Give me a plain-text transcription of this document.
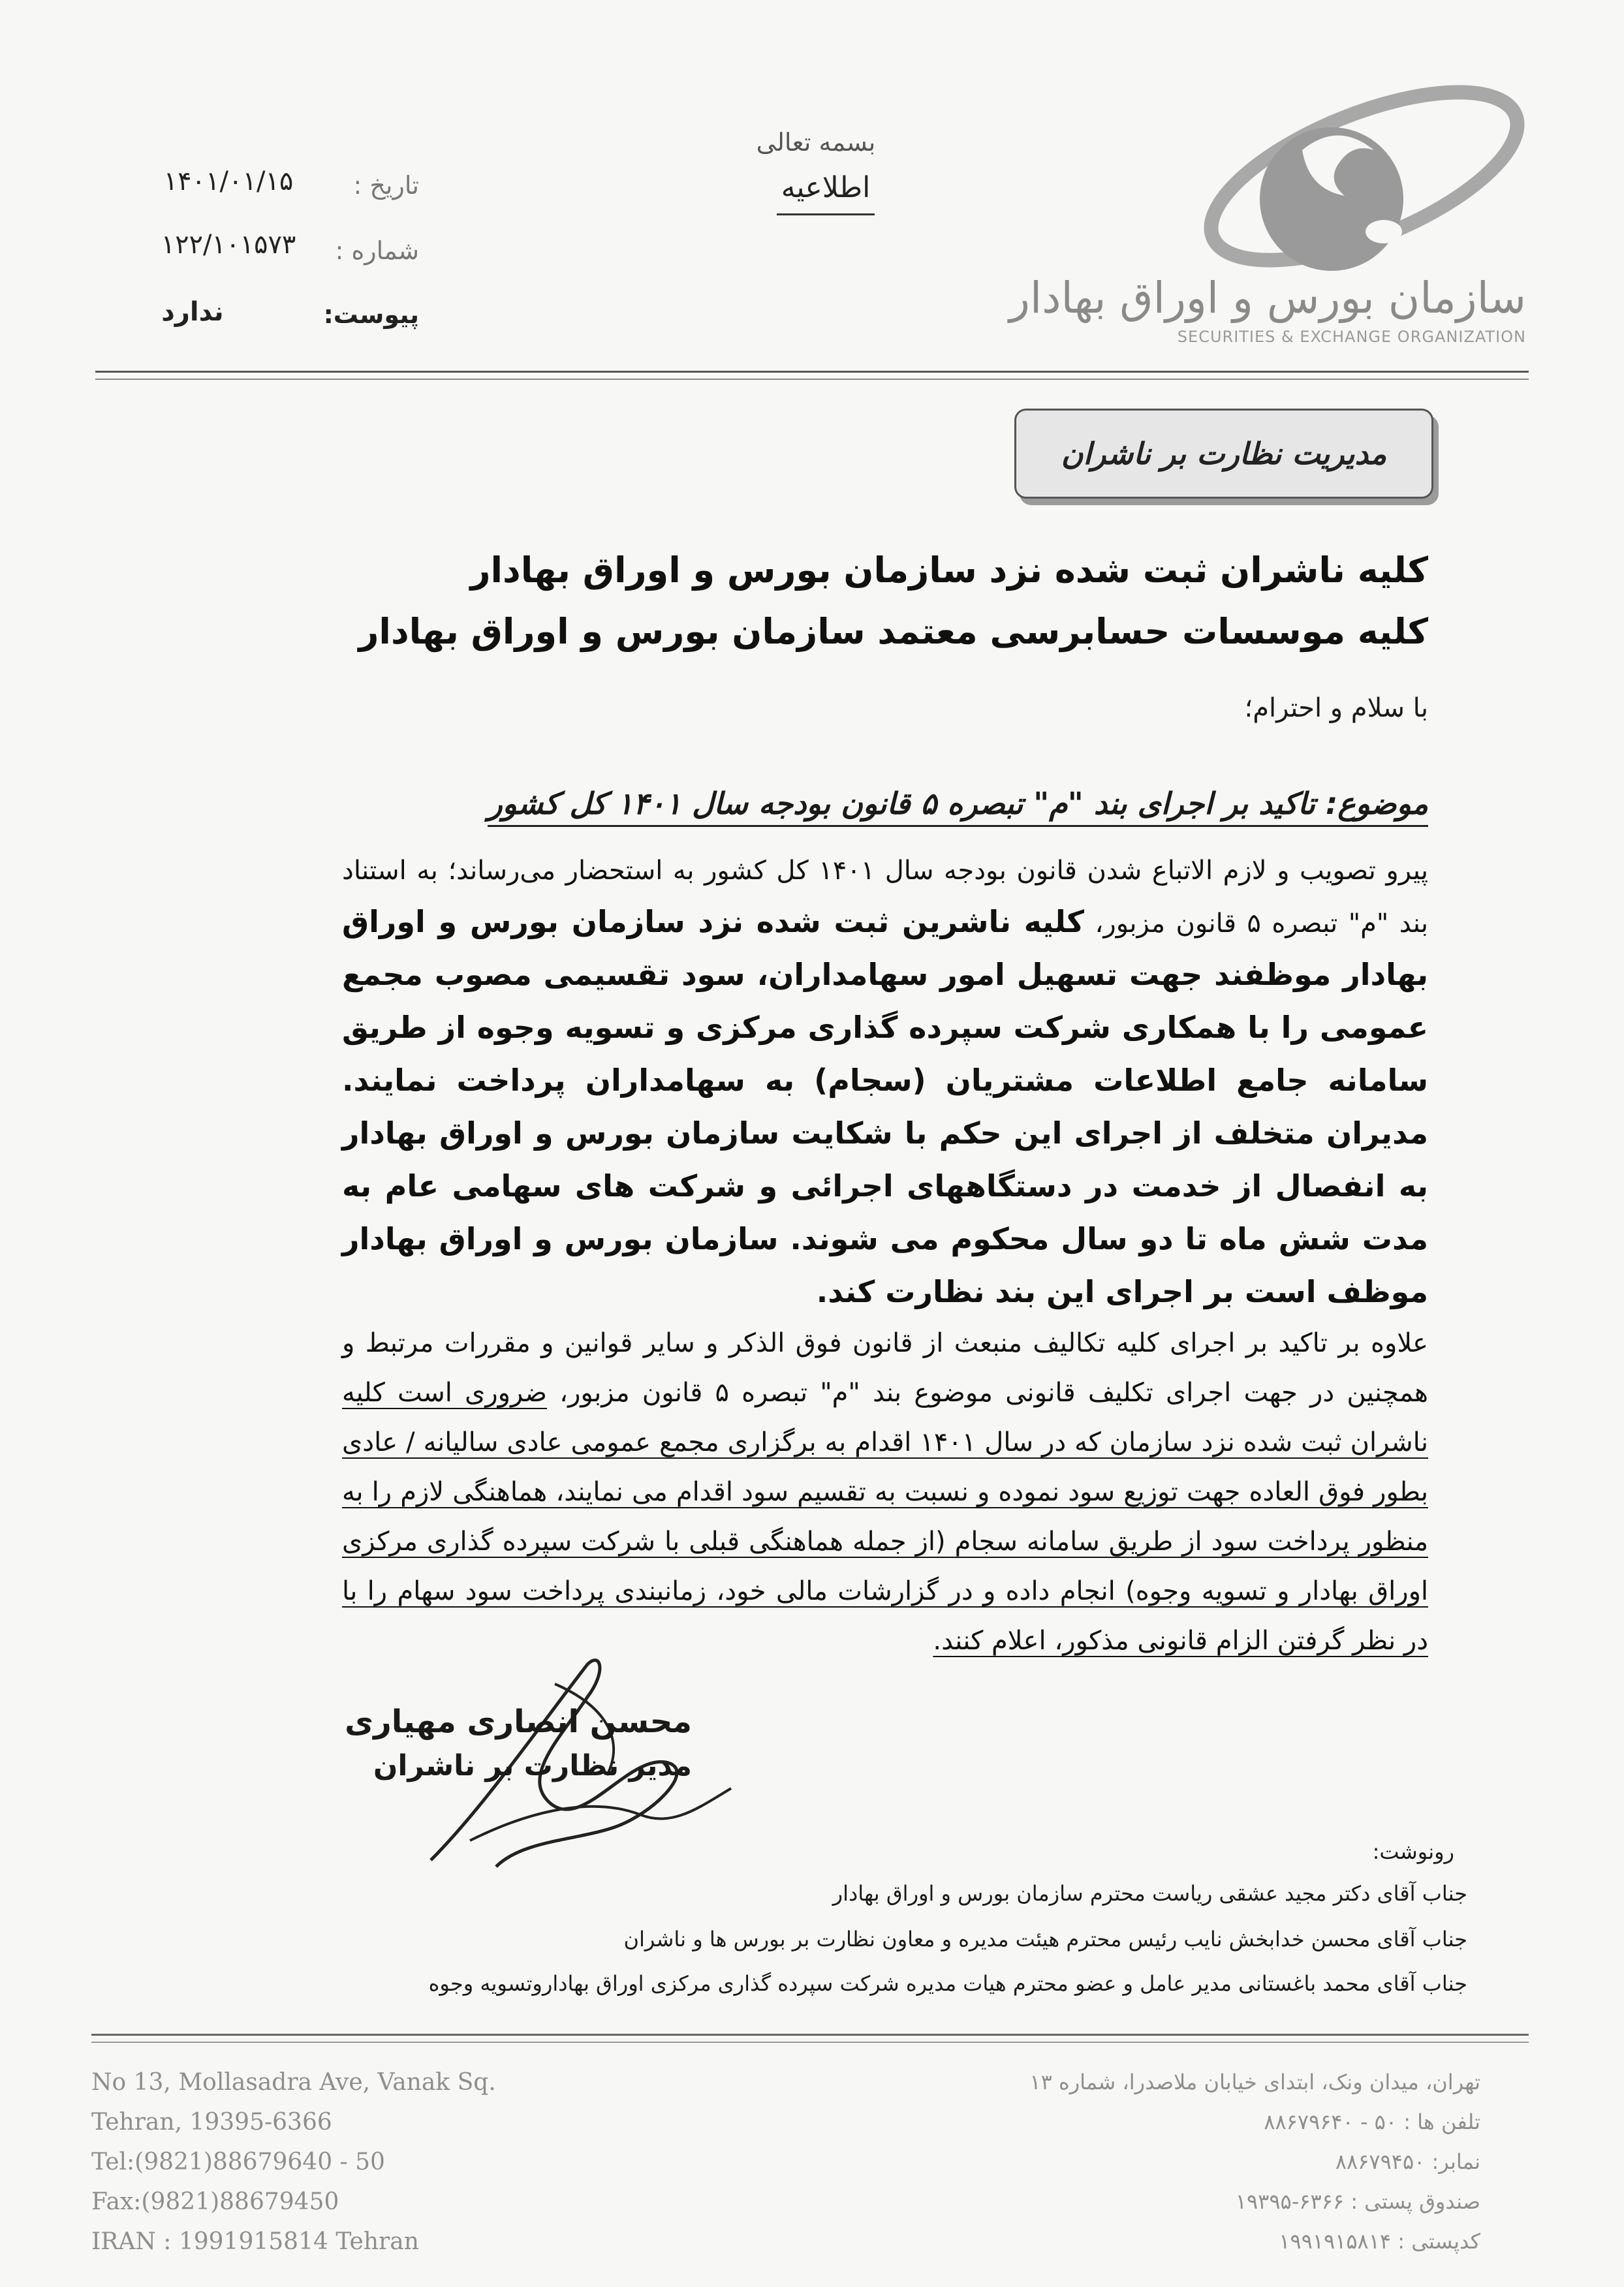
سازمان بورس و اوراق بهادار
SECURITIES & EXCHANGE ORGANIZATION
بسمه تعالی
اطلاعیه
تاریخ :
۱۴۰۱/۰۱/۱۵
شماره :
۱۲۲/۱۰۱۵۷۳
پیوست:
ندارد
مدیریت نظارت بر ناشران
کلیه ناشران ثبت شده نزد سازمان بورس و اوراق بهادار
کلیه موسسات حسابرسی معتمد سازمان بورس و اوراق بهادار
با سلام و احترام؛
موضوع: تاکید بر اجرای بند "م" تبصره ۵ قانون بودجه سال ۱۴۰۱ کل کشور

پیرو تصویب و لازم الاتباع شدن قانون بودجه سال ۱۴۰۱ کل کشور به استحضار می‌رساند؛ به استناد بند "م" تبصره ۵ قانون مزبور، کلیه ناشرین ثبت شده نزد سازمان بورس و اوراق بهادار موظفند جهت تسهیل امور سهامداران، سود تقسیمی مصوب مجمع عمومی را با همکاری شرکت سپرده گذاری مرکزی و تسویه وجوه از طریق سامانه جامع اطلاعات مشتریان (سجام) به سهامداران پرداخت نمایند. مدیران متخلف از اجرای این حکم با شکایت سازمان بورس و اوراق بهادار به انفصال از خدمت در دستگاههای اجرائی و شرکت های سهامی عام به مدت شش ماه تا دو سال محکوم می شوند. سازمان بورس و اوراق بهادار موظف است بر اجرای این بند نظارت کند.

علاوه بر تاکید بر اجرای کلیه تکالیف منبعث از قانون فوق الذکر و سایر قوانین و مقررات مرتبط و همچنین در جهت اجرای تکلیف قانونی موضوع بند "م" تبصره ۵ قانون مزبور، ضروری است کلیه ناشران ثبت شده نزد سازمان که در سال ۱۴۰۱ اقدام به برگزاری مجمع عمومی عادی سالیانه / عادی بطور فوق العاده جهت توزیع سود نموده و نسبت به تقسیم سود اقدام می نمایند، هماهنگی لازم را به منظور پرداخت سود از طریق سامانه سجام (از جمله هماهنگی قبلی با شرکت سپرده گذاری مرکزی اوراق بهادار و تسویه وجوه) انجام داده و در گزارشات مالی خود، زمانبندی پرداخت سود سهام را با در نظر گرفتن الزام قانونی مذکور، اعلام کنند.

محسن انصاری مهیاری
مدیر نظارت بر ناشران
رونوشت:
جناب آقای دکتر مجید عشقی ریاست محترم سازمان بورس و اوراق بهادار
جناب آقای محسن خدابخش نایب رئیس محترم هیئت مدیره و معاون نظارت بر بورس ها و ناشران
جناب آقای محمد باغستانی مدیر عامل و عضو محترم هیات مدیره شرکت سپرده گذاری مرکزی اوراق بهاداروتسویه وجوه
No 13, Mollasadra Ave, Vanak Sq.
Tehran, 19395-6366
Tel:(9821)88679640 - 50
Fax:(9821)88679450
IRAN : 1991915814 Tehran
تهران، میدان ونک، ابتدای خیابان ملاصدرا، شماره ۱۳
تلفن ها : ۵۰ - ۸۸۶۷۹۶۴۰
نمابر: ۸۸۶۷۹۴۵۰
صندوق پستی : ۶۳۶۶-۱۹۳۹۵
کدپستی : ۱۹۹۱۹۱۵۸۱۴
